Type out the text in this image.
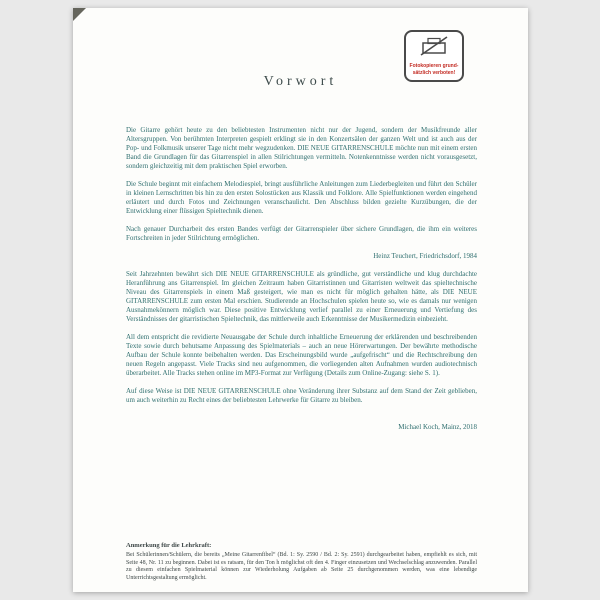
Fotokopieren grund-
sätzlich verboten!
Vorwort

Die Gitarre gehört heute zu den beliebtesten Instrumenten nicht nur der Jugend, sondern der Musikfreunde aller Altersgruppen. Von berühmten Interpreten gespielt erklingt sie in den Konzertsälen der ganzen Welt und ist auch aus der Pop- und Folkmusik unserer Tage nicht mehr wegzudenken. DIE NEUE GITARRENSCHULE möchte nun mit einem ersten Band die Grundlagen für das Gitarrenspiel in allen Stilrichtungen vermitteln. Notenkenntnisse werden nicht vorausgesetzt, sondern gleichzeitig mit dem praktischen Spiel erworben.

Die Schule beginnt mit einfachem Melodiespiel, bringt ausführliche Anleitungen zum Liederbegleiten und führt den Schüler in kleinen Lernschritten bis hin zu den ersten Solostücken aus Klassik und Folklore. Alle Spielfunktionen werden eingehend erläutert und durch Fotos und Zeichnungen veranschaulicht. Den Abschluss bilden gezielte Kurzübungen, die der Entwicklung einer flüssigen Spieltechnik dienen.

Nach genauer Durcharbeit des ersten Bandes verfügt der Gitarrenspieler über sichere Grundlagen, die ihm ein weiteres Fortschreiten in jeder Stilrichtung ermöglichen.

Heinz Teuchert, Friedrichsdorf, 1984

Seit Jahrzehnten bewährt sich DIE NEUE GITARRENSCHULE als gründliche, gut verständliche und klug durchdachte Heranführung ans Gitarrenspiel. Im gleichen Zeitraum haben Gitarristinnen und Gitarristen weltweit das spieltechnische Niveau des Gitarrenspiels in einem Maß gesteigert, wie man es nicht für möglich gehalten hätte, als DIE NEUE GITARRENSCHULE zum ersten Mal erschien. Studierende an Hochschulen spielen heute so, wie es damals nur wenigen Ausnahmekönnern möglich war. Diese positive Entwicklung verlief parallel zu einer Erneuerung und Vertiefung des Verständnisses der gitarristischen Spieltechnik, das mittlerweile auch Erkenntnisse der Musikermedizin einbezieht.

All dem entspricht die revidierte Neuausgabe der Schule durch inhaltliche Erneuerung der erklärenden und beschreibenden Texte sowie durch behutsame Anpassung des Spielmaterials – auch an neue Hörerwartungen. Der bewährte methodische Aufbau der Schule konnte beibehalten werden. Das Erscheinungsbild wurde „aufgefrischt“ und die Rechtschreibung den neuen Regeln angepasst. Viele Tracks sind neu aufgenommen, die vorliegenden alten Aufnahmen wurden audiotechnisch überarbeitet. Alle Tracks stehen online im MP3-Format zur Verfügung (Details zum Online-Zugang: siehe S. 1).

Auf diese Weise ist DIE NEUE GITARRENSCHULE ohne Veränderung ihrer Substanz auf dem Stand der Zeit geblieben, um auch weiterhin zu Recht eines der beliebtesten Lehrwerke für Gitarre zu bleiben.

Michael Koch, Mainz, 2018

Anmerkung für die Lehrkraft:

Bei Schülerinnen/Schülern, die bereits „Meine Gitarrenfibel“ (Bd. 1: Sy. 2590 / Bd. 2: Sy. 2591) durchgearbeitet haben, empfiehlt es sich, mit Seite 48, Nr. 11 zu beginnen. Dabei ist es ratsam, für den Ton h möglichst oft den 4. Finger einzusetzen und Wechselschlag anzuwenden. Parallel zu diesem einfachen Spielmaterial können zur Wiederholung Aufgaben ab Seite 25 durchgenommen werden, was eine lebendige Unterrichtsgestaltung ermöglicht.
